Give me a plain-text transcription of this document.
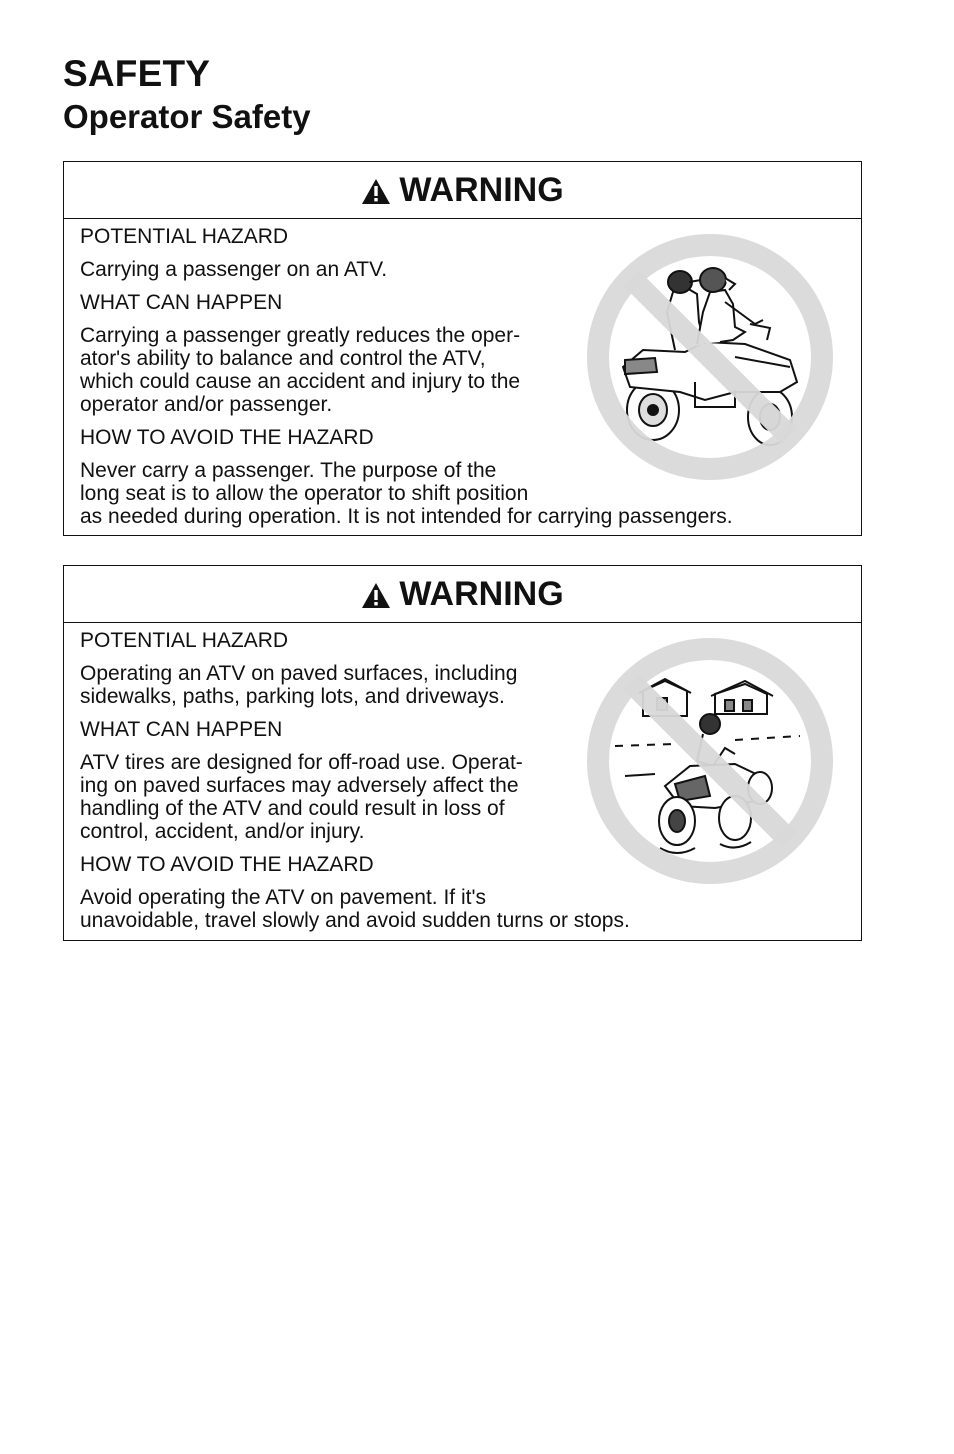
SAFETY
Operator Safety
WARNING
POTENTIAL HAZARD
Carrying a passenger on an ATV.
WHAT CAN HAPPEN
Carrying a passenger greatly reduces the oper-
ator's ability to balance and control the ATV,
which could cause an accident and injury to the
operator and/or passenger.
HOW TO AVOID THE HAZARD
Never carry a passenger. The purpose of the
long seat is to allow the operator to shift position
as needed during operation. It is not intended for carrying passengers.
WARNING
POTENTIAL HAZARD
Operating an ATV on paved surfaces, including
sidewalks, paths, parking lots, and driveways.
WHAT CAN HAPPEN
ATV tires are designed for off-road use. Operat-
ing on paved surfaces may adversely affect the
handling of the ATV and could result in loss of
control, accident, and/or injury.
HOW TO AVOID THE HAZARD
Avoid operating the ATV on pavement. If it's
unavoidable, travel slowly and avoid sudden turns or stops.
